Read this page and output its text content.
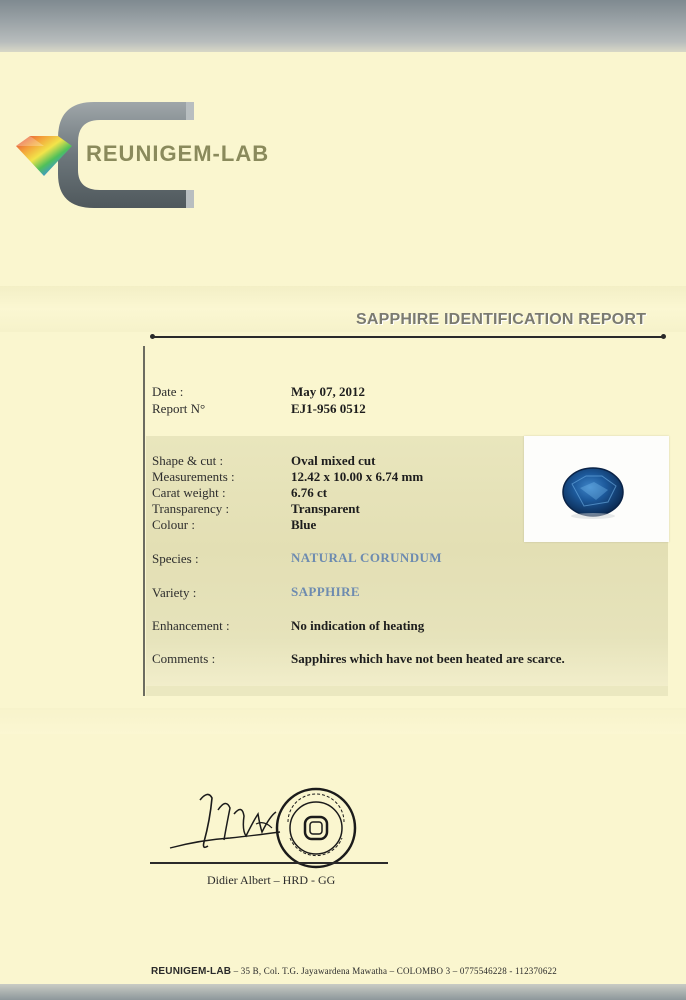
REUNIGEM-LAB
SAPPHIRE IDENTIFICATION REPORT
Date :	May 07, 2012
Report N°	EJ1-956 0512
Shape & cut :	Oval mixed cut
Measurements :	12.42 x 10.00 x 6.74 mm
Carat weight :	6.76 ct
Transparency :	Transparent
Colour :	Blue
Species :	NATURAL CORUNDUM
Variety :	SAPPHIRE
Enhancement :	No indication of heating
Comments :	Sapphires which have not been heated are scarce.
Didier Albert – HRD - GG
REUNIGEM-LAB – 35 B, Col. T.G. Jayawardena Mawatha – COLOMBO 3 – 0775546228 - 112370622
